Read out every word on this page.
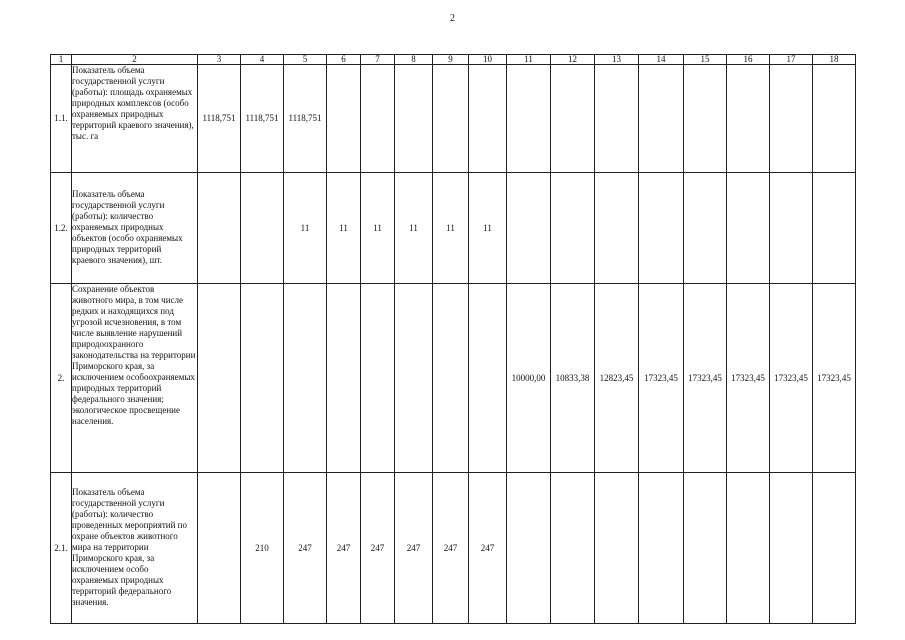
2
1	2	3	4	5	6	7	8	9	10	11	12	13	14	15	16	17	18
1.1.	Показатель объема государственной услуги (работы): площадь охраняемых природных комплексов (особо охраняемых природных территорий краевого значения), тыс. га	1118,751	1118,751	1118,751													
1.2.	Показатель объема государственной услуги (работы): количество охраняемых природных объектов (особо охраняемых природных территорий краевого значения), шт.			11	11	11	11	11	11								
2.	Сохранение объектов животного мира, в том числе редких и находящихся под угрозой исчезновения, в том числе выявление нарушений природоохранного законодательства на территории Приморского края, за исключением особоохраняемых природных территорий федерального значения; экологическое просвещение населения.									10000,00	10833,38	12823,45	17323,45	17323,45	17323,45	17323,45	17323,45
2.1.	Показатель объема государственной услуги (работы): количество проведенных мероприятий по охране объектов животного мира на территории Приморского края, за исключением особо охраняемых природных территорий федерального значения.		210	247	247	247	247	247	247								
